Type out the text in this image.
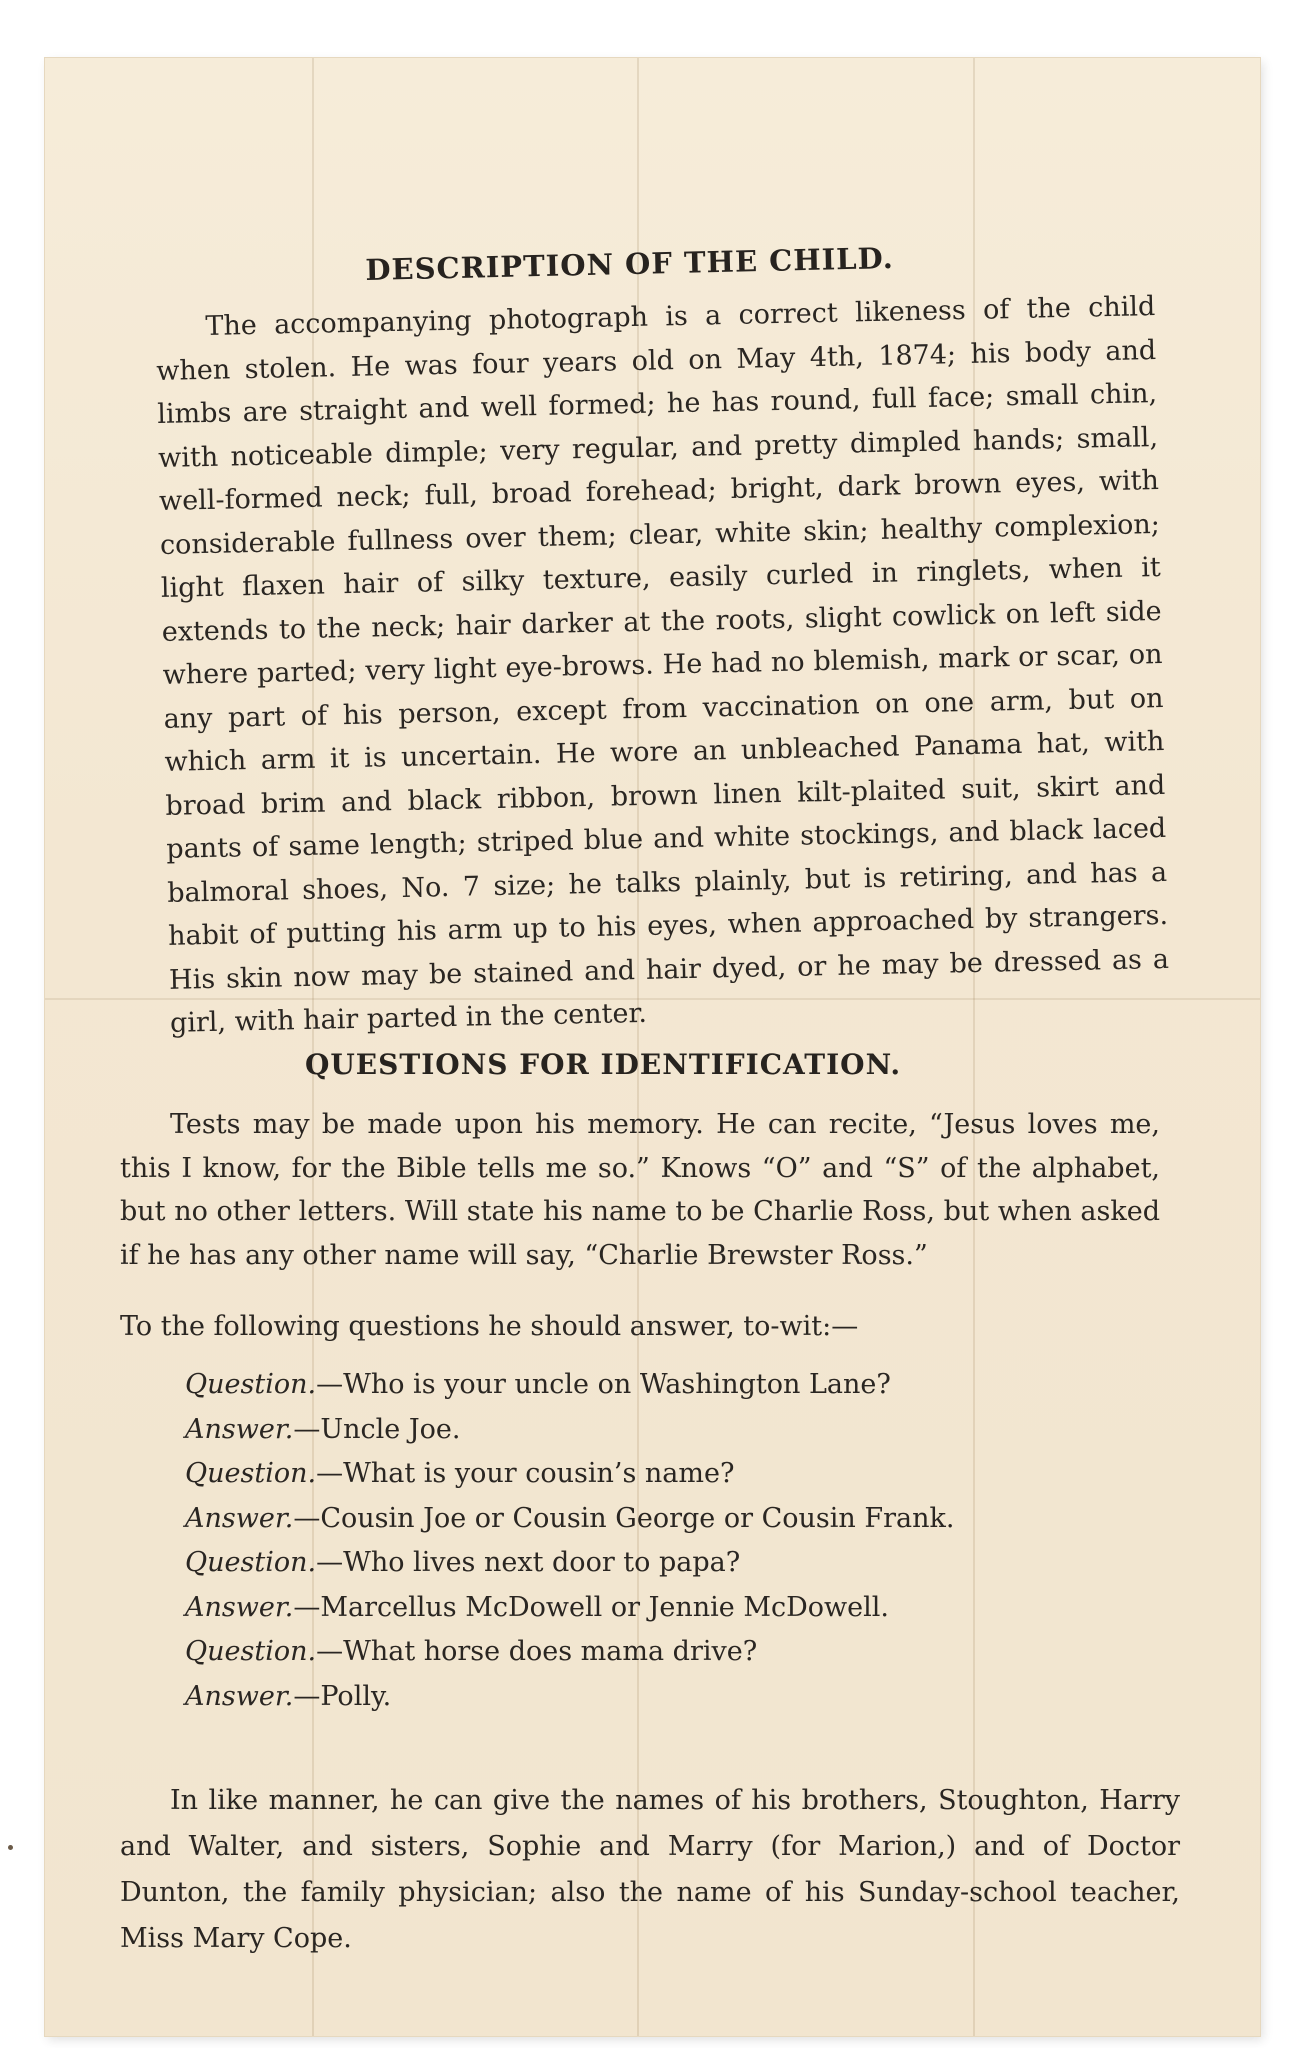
DESCRIPTION OF THE CHILD.
The accompanying photograph is a correct likeness of the child when stolen. He was four years old on May 4th, 1874; his body and limbs are straight and well formed; he has round, full face; small chin, with noticeable dimple; very regular, and pretty dimpled hands; small, well-formed neck; full, broad forehead; bright, dark brown eyes, with considerable fullness over them; clear, white skin; healthy complexion; light flaxen hair of silky texture, easily curled in ringlets, when it extends to the neck; hair darker at the roots, slight cowlick on left side where parted; very light eye-brows. He had no blemish, mark or scar, on any part of his person, except from vaccination on one arm, but on which arm it is uncertain. He wore an unbleached Panama hat, with broad brim and black ribbon, brown linen kilt-plaited suit, skirt and pants of same length; striped blue and white stockings, and black laced balmoral shoes, No. 7 size; he talks plainly, but is retiring, and has a habit of putting his arm up to his eyes, when approached by strangers. His skin now may be stained and hair dyed, or he may be dressed as a girl, with hair parted in the center.
QUESTIONS FOR IDENTIFICATION.
Tests may be made upon his memory. He can recite, “Jesus loves me, this I know, for the Bible tells me so.” Knows “O” and “S” of the alphabet, but no other letters. Will state his name to be Charlie Ross, but when asked if he has any other name will say, “Charlie Brewster Ross.”
To the following questions he should answer, to-wit:—
Question.—Who is your uncle on Washington Lane?
Answer.—Uncle Joe.
Question.—What is your cousin’s name?
Answer.—Cousin Joe or Cousin George or Cousin Frank.
Question.—Who lives next door to papa?
Answer.—Marcellus McDowell or Jennie McDowell.
Question.—What horse does mama drive?
Answer.—Polly.
In like manner, he can give the names of his brothers, Stoughton, Harry and Walter, and sisters, Sophie and Marry (for Marion,) and of Doctor Dunton, the family physician; also the name of his Sunday-school teacher, Miss Mary Cope.
